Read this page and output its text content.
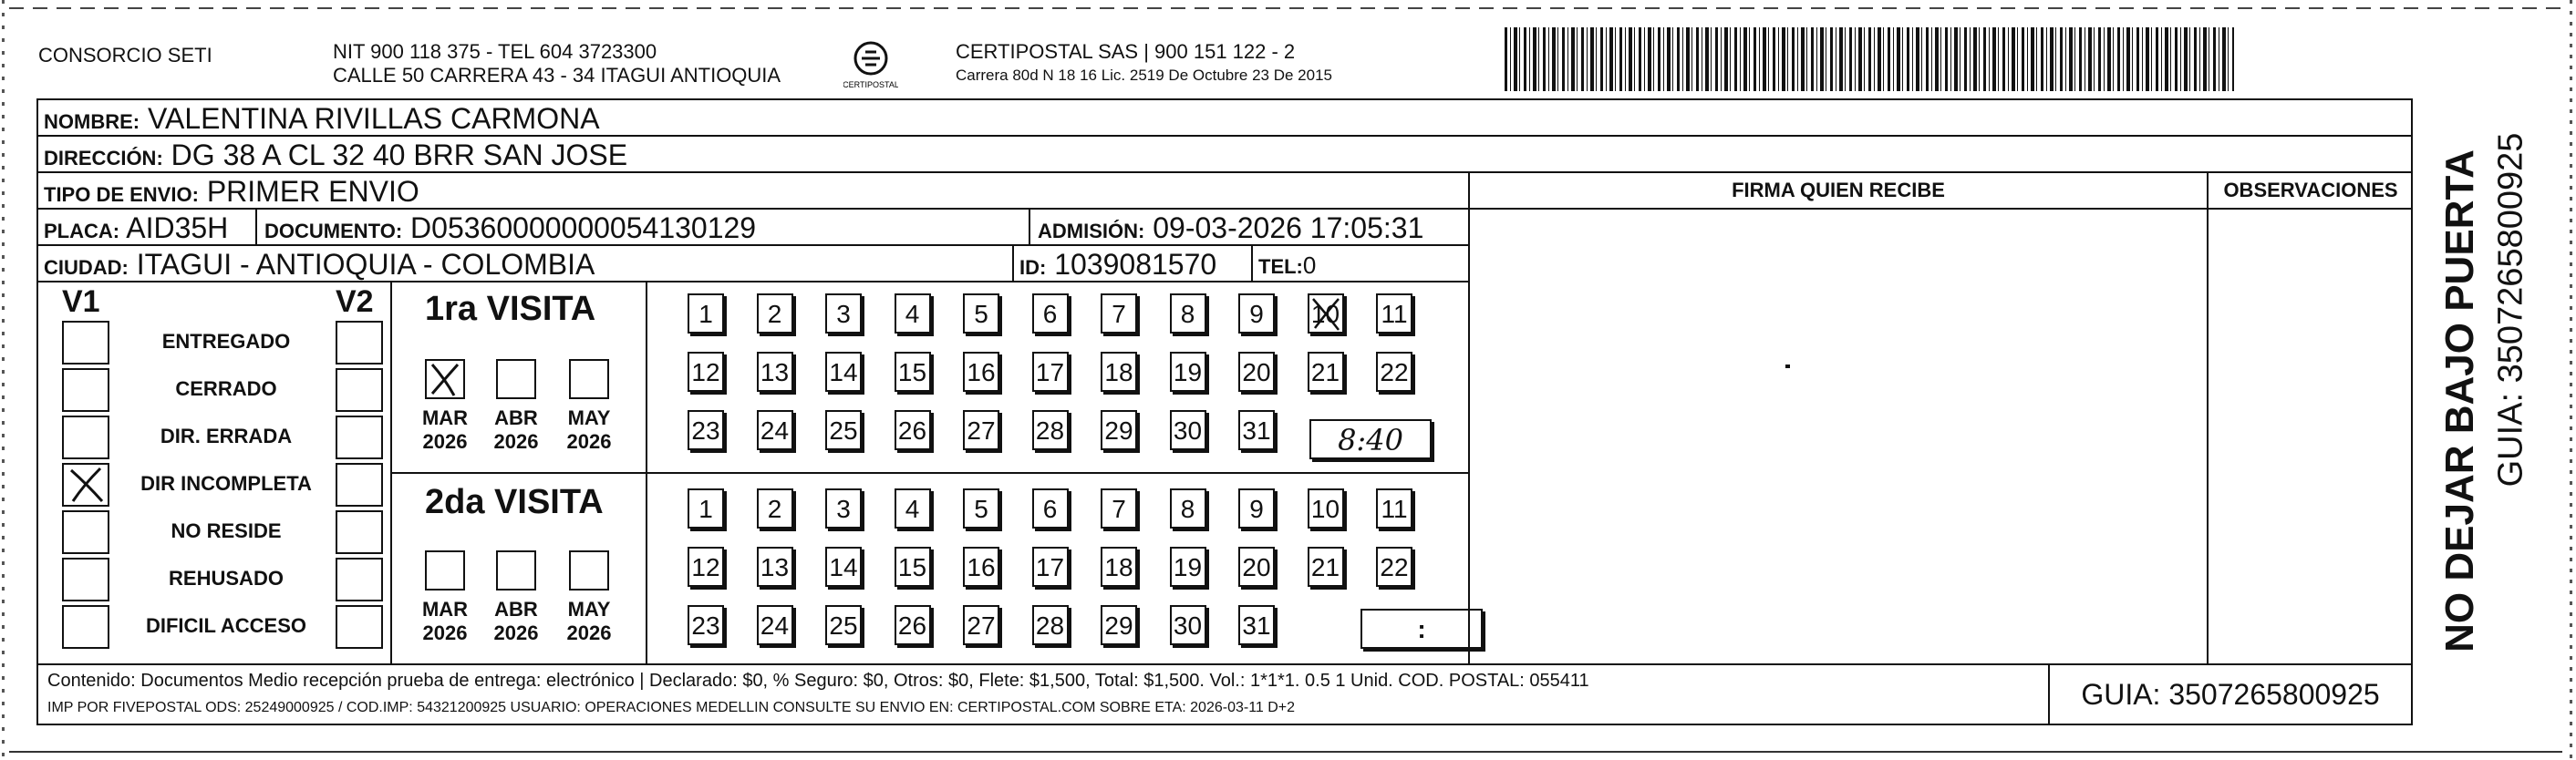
CONSORCIO SETI	NIT 900 118 375 - TEL 604 3723300
CALLE 50 CARRERA 43 - 34 ITAGUI ANTIOQUIA	CERTIPOSTAL
CERTIPOSTAL SAS | 900 151 122 - 2
Carrera 80d N 18 16 Lic. 2519 De Octubre 23 De 2015
NOMBRE: VALENTINA RIVILLAS CARMONA
DIRECCIÓN: DG 38 A CL 32 40 BRR SAN JOSE
TIPO DE ENVIO: PRIMER ENVIO
PLACA: AID35H DOCUMENTO: D05360000000054130129	ADMISIÓN: 09-03-2026 17:05:31
CIUDAD: ITAGUI - ANTIOQUIA - COLOMBIA	ID: 1039081570 TEL:0
FIRMA QUIEN RECIBE	OBSERVACIONES
V1	V2
ENTREGADO
CERRADO
DIR. ERRADA
DIR INCOMPLETA
NO RESIDE
REHUSADO
DIFICIL ACCESO
1ra VISITA
2da VISITA
MAR
2026
ABR
2026
MAY
2026
MAR
2026
ABR
2026
MAY
2026
1	2	3	4	5	6	7	8	9	10 11
12 13 14 15 16 17 18 19 20 21 22
23 24 25 26 27 28 29 30 31
1	2	3	4	5	6	7	8	9	10 11
12 13 14 15 16 17 18 19 20 21 22
23 24 25 26 27 28 29 30 31
8:40
:
Contenido: Documentos Medio recepción prueba de entrega: electrónico | Declarado: $0, % Seguro: $0, Otros: $0, Flete: $1,500, Total: $1,500. Vol.: 1*1*1. 0.5 1 Unid. COD. POSTAL: 055411
IMP POR FIVEPOSTAL ODS: 25249000925 / COD.IMP: 54321200925 USUARIO: OPERACIONES MEDELLIN CONSULTE SU ENVIO EN: CERTIPOSTAL.COM SOBRE ETA: 2026-03-11 D+2	GUIA: 3507265800925
NO DEJAR BAJO PUERTA GUIA: 3507265800925
